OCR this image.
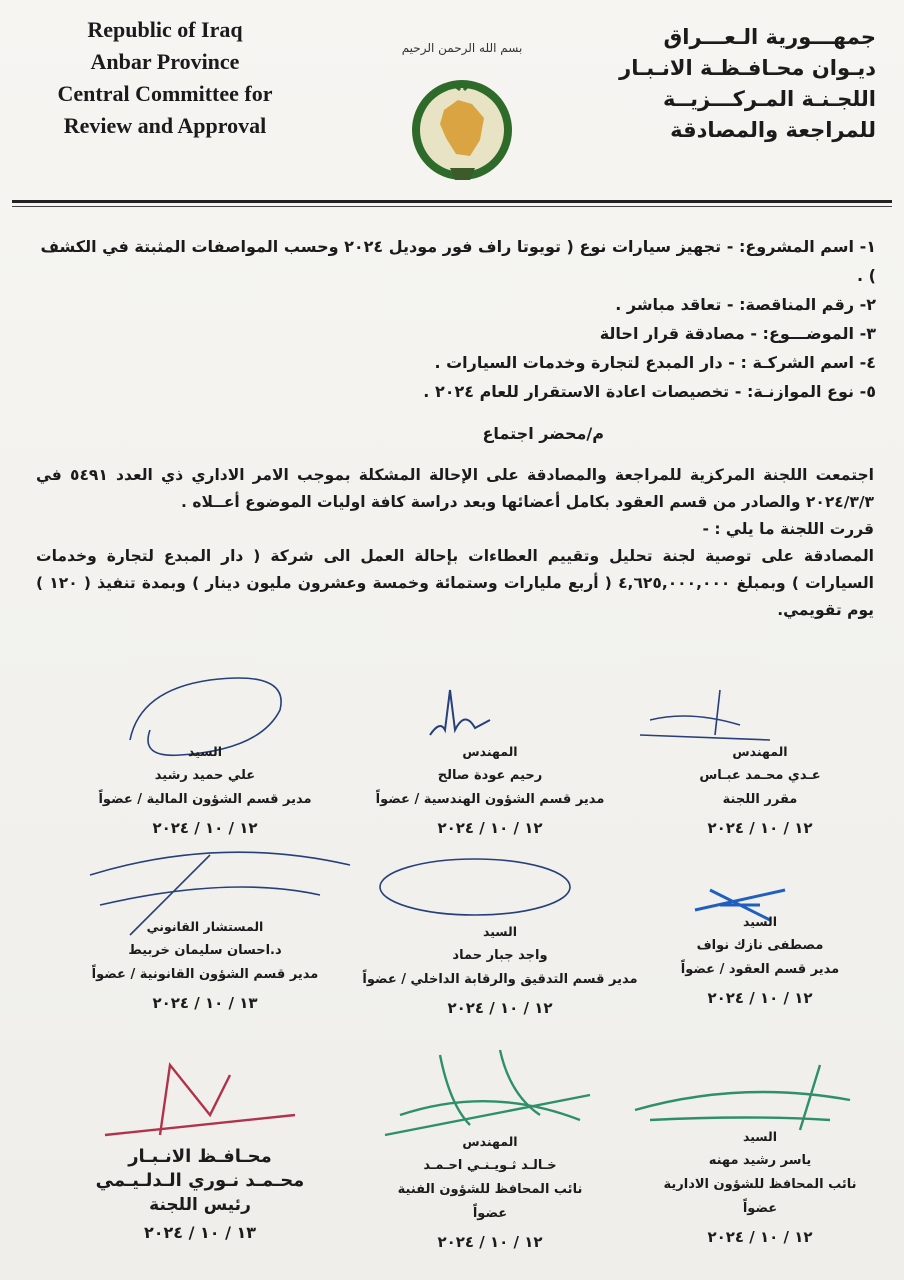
Republic of Iraq
Anbar Province
Central Committee for
Review and Approval
بسم الله الرحمن الرحيم	جمهـــورية الـعـــراق
ديـوان محـافـظـة الانـبـار
اللجـنـة المـركـــزيــة
للمراجعة والمصادقة
١- اسم المشروع: - تجهيز سيارات نوع ( تويوتا راف فور موديل ٢٠٢٤ وحسب المواصفات المثبتة في الكشف ) .
٢- رقم المناقصة: - تعاقد مباشر .
٣- الموضـــوع: - مصادقة قرار احالة
٤- اسم الشركـة : - دار المبدع لتجارة وخدمات السيارات .
٥- نوع الموازنـة: - تخصيصات اعادة الاستقرار للعام ٢٠٢٤ .
م/محضر اجتماع

اجتمعت اللجنة المركزية للمراجعة والمصادقة على الإحالة المشكلة بموجب الامر الاداري ذي العدد ٥٤٩١ في ٢٠٢٤/٣/٣ والصادر من قسم العقود بكامل أعضائها وبعد دراسة كافة اوليات الموضوع أعــلاه .

قررت اللجنة ما يلي : -

المصادقة على توصية لجنة تحليل وتقييم العطاءات بإحالة العمل الى شركة ( دار المبدع لتجارة وخدمات السيارات ) وبمبلغ ٤,٦٢٥,٠٠٠,٠٠٠ ( أربع مليارات وستمائة وخمسة وعشرون مليون دينار ) وبمدة تنفيذ ( ١٢٠ ) يوم تقويمي.

المهندس
عـدي محـمد عبـاس
مقرر اللجنة
١٢ / ١٠ / ٢٠٢٤
المهندس
رحيم عودة صالح
مدير قسم الشؤون الهندسية / عضواً
١٢ / ١٠ / ٢٠٢٤
السيد
علي حميد رشيد
مدير قسم الشؤون المالية / عضواً
١٢ / ١٠ / ٢٠٢٤
السيد
مصطفى نازك نواف
مدير قسم العقود / عضواً
١٢ / ١٠ / ٢٠٢٤
السيد
واجد جبار حماد
مدير قسم التدقيق والرقابة الداخلي / عضواً
١٢ / ١٠ / ٢٠٢٤
المستشار القانوني
د.احسان سليمان خربيط
مدير قسم الشؤون القانونية / عضواً
١٣ / ١٠ / ٢٠٢٤
السيد
ياسر رشيد مهنه
نائب المحافظ للشؤون الادارية
عضواً
١٢ / ١٠ / ٢٠٢٤
المهندس
خـالـد ثـويـنـي احـمـد
نائب المحافظ للشؤون الفنية
عضواً
١٢ / ١٠ / ٢٠٢٤
محـافـظ الانـبـار
محـمـد نـوري الـدلـيـمي
رئيس اللجنة
١٣ / ١٠ / ٢٠٢٤
